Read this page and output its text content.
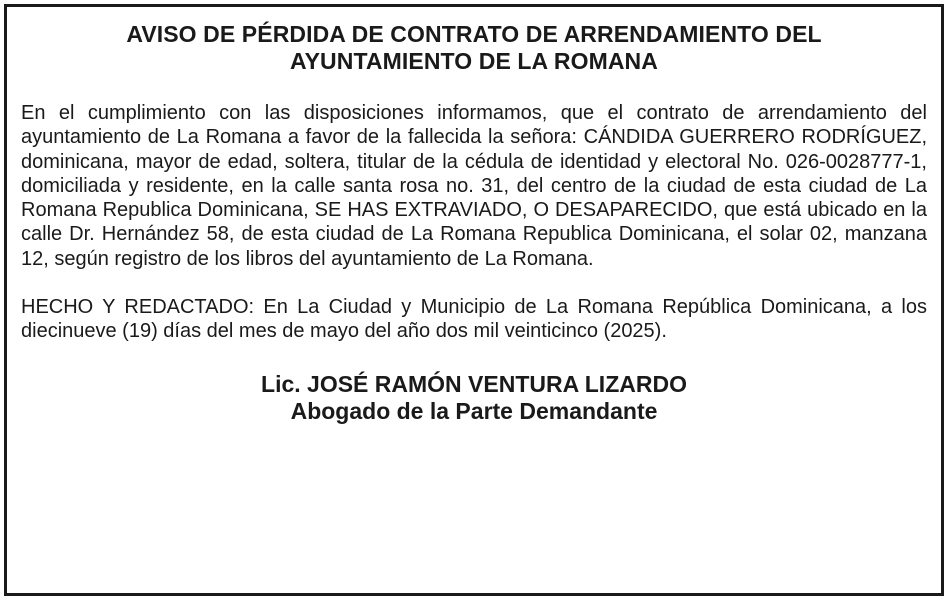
AVISO DE PÉRDIDA DE CONTRATO DE ARRENDAMIENTO DEL
AYUNTAMIENTO DE LA ROMANA

En el cumplimiento con las disposiciones informamos, que el contrato de arrendamiento del ayuntamiento de La Romana a favor de la fallecida la señora: CÁNDIDA GUERRERO RODRÍGUEZ, dominicana, mayor de edad, soltera, titular de la cédula de identidad y electoral No. 026-0028777-1, domiciliada y residente, en la calle santa rosa no. 31, del centro de la ciudad de esta ciudad de La Romana Republica Dominicana, SE HAS EXTRAVIADO, O DESAPARECIDO, que está ubicado en la calle Dr. Hernández 58, de esta ciudad de La Romana Republica Dominicana, el solar 02, manzana 12, según registro de los libros del ayuntamiento de La Romana.

HECHO Y REDACTADO: En La Ciudad y Municipio de La Romana República Dominicana, a los diecinueve (19) días del mes de mayo del año dos mil veinticinco (2025).

Lic. JOSÉ RAMÓN VENTURA LIZARDO
Abogado de la Parte Demandante
